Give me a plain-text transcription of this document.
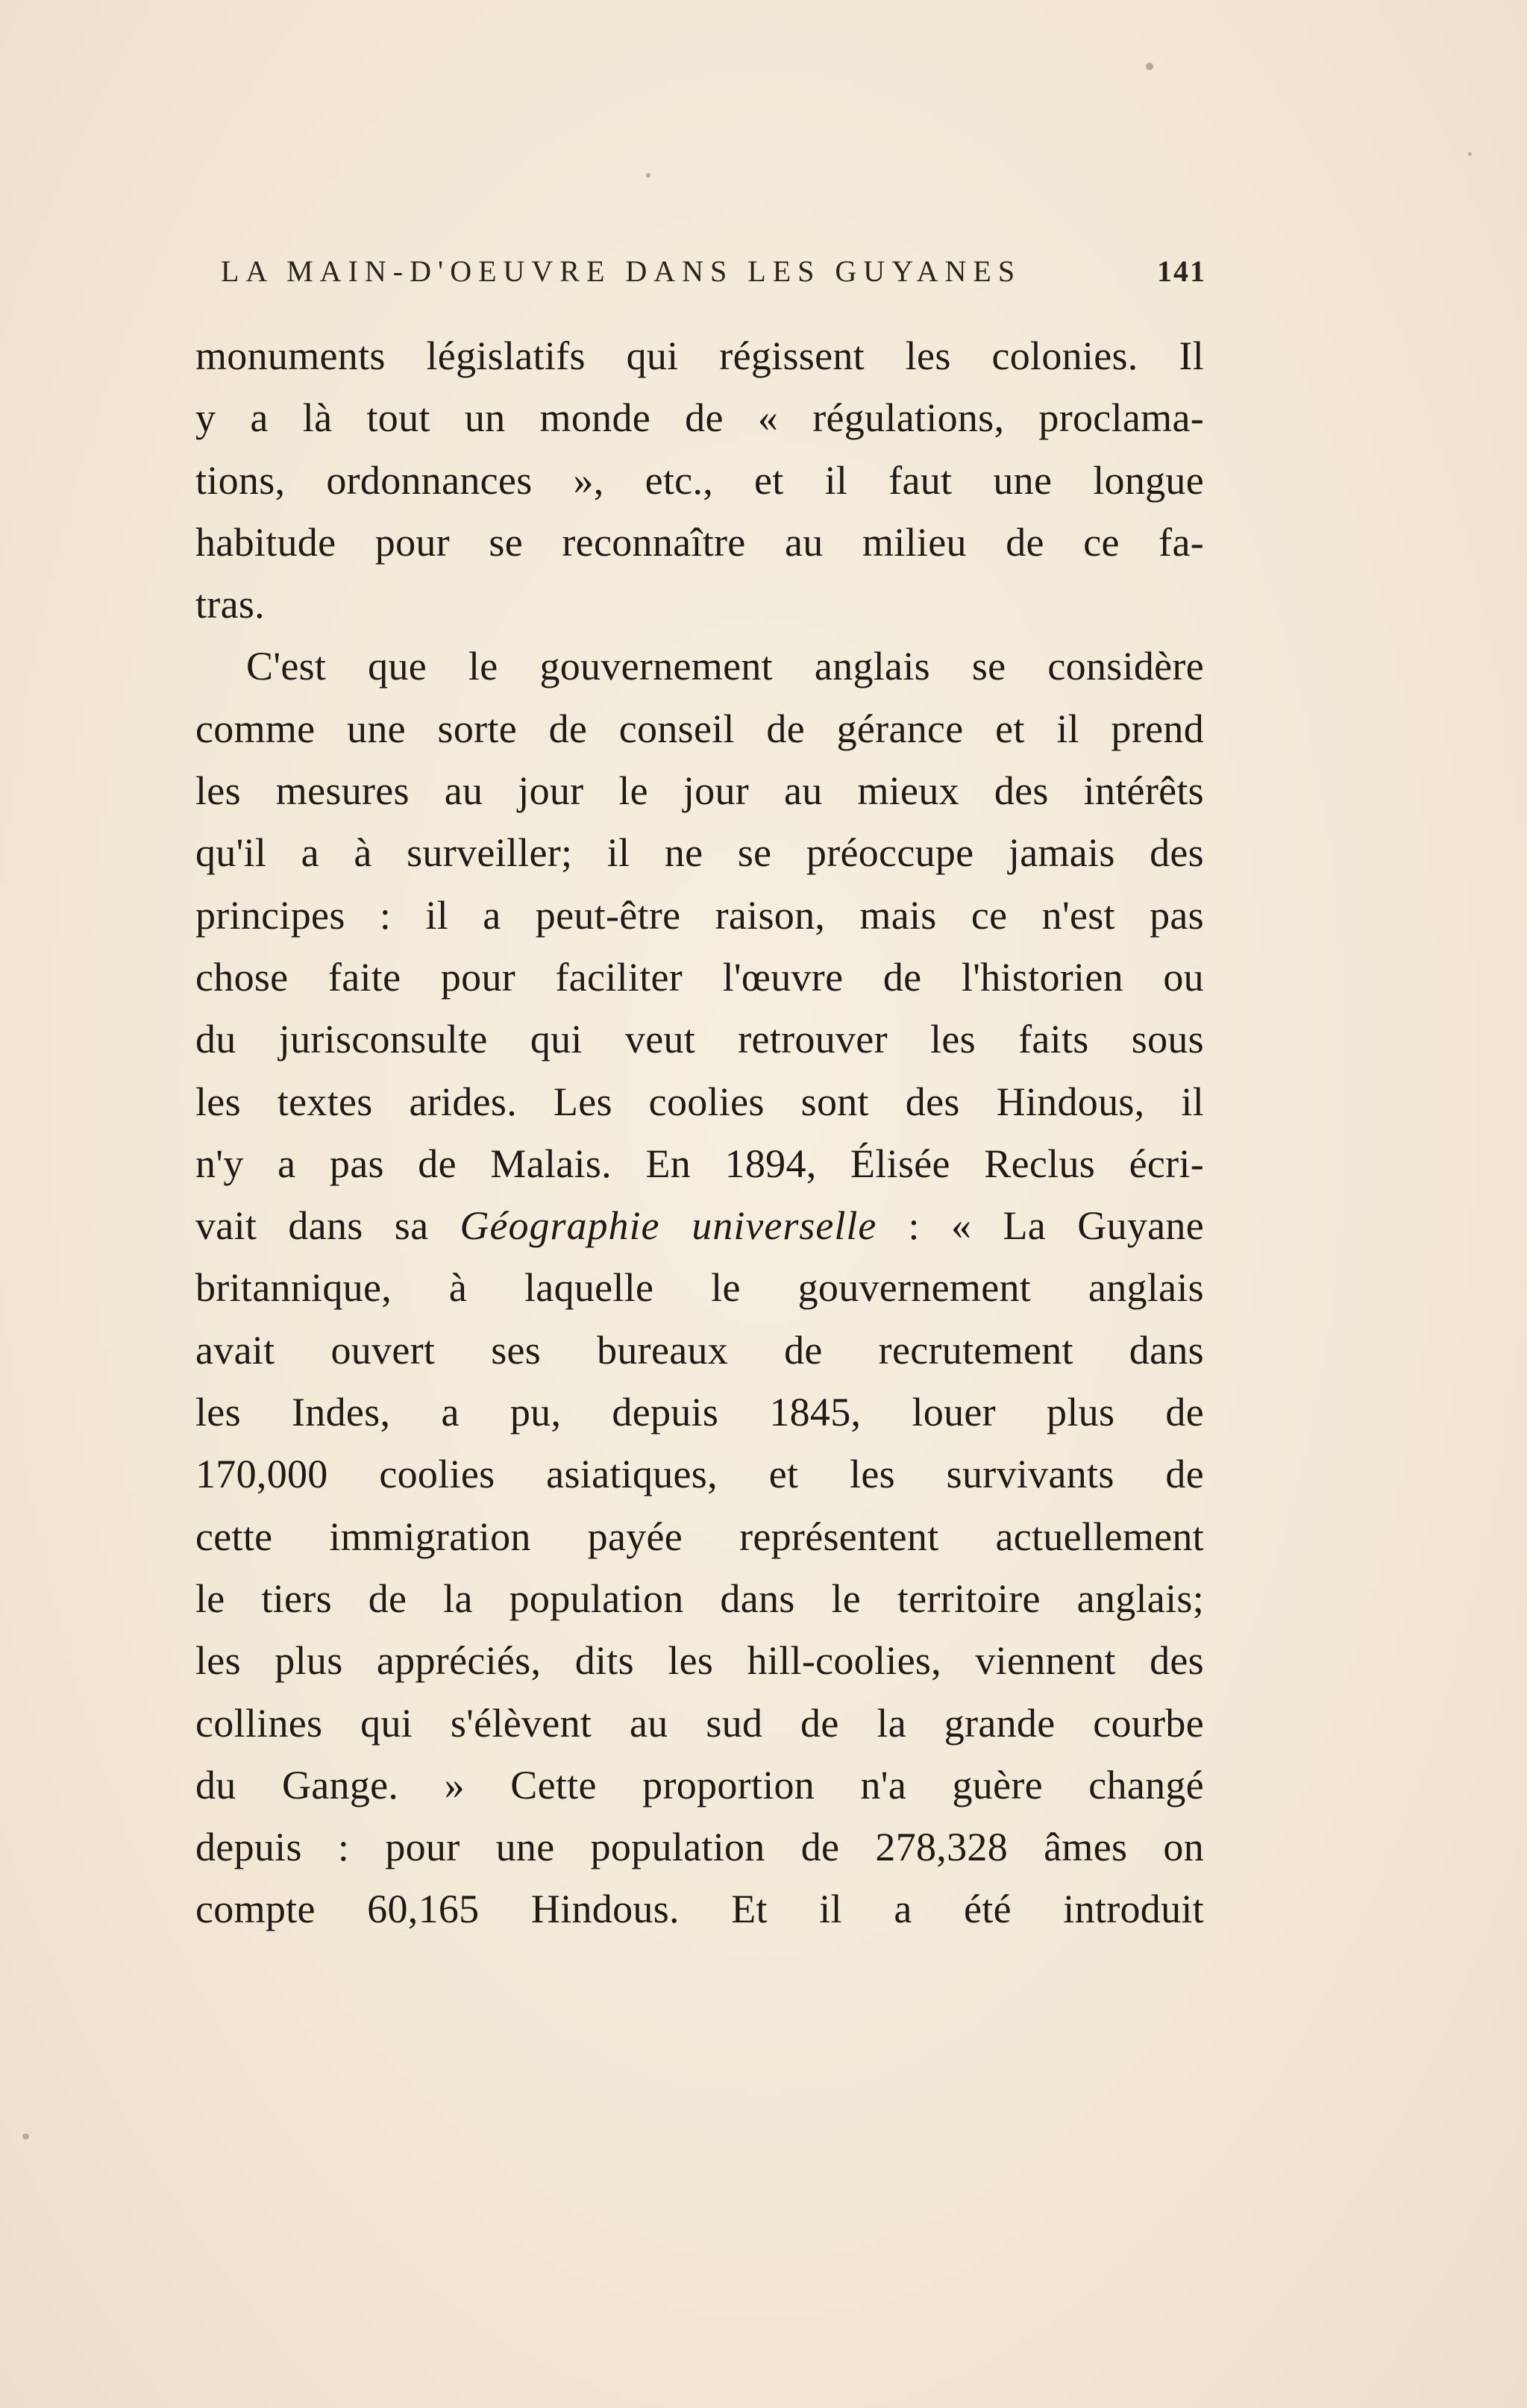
LA MAIN-D'OEUVRE DANS LES GUYANES	141
monuments législatifs qui régissent les colonies. Il
y a là tout un monde de « régulations, proclama-
tions, ordonnances », etc., et il faut une longue
habitude pour se reconnaître au milieu de ce fa-
tras.
C'est que le gouvernement anglais se considère
comme une sorte de conseil de gérance et il prend
les mesures au jour le jour au mieux des intérêts
qu'il a à surveiller; il ne se préoccupe jamais des
principes : il a peut-être raison, mais ce n'est pas
chose faite pour faciliter l'œuvre de l'historien ou
du jurisconsulte qui veut retrouver les faits sous
les textes arides. Les coolies sont des Hindous, il
n'y a pas de Malais. En 1894, Élisée Reclus écri-
vait dans sa Géographie universelle : « La Guyane
britannique, à laquelle le gouvernement anglais
avait ouvert ses bureaux de recrutement dans
les Indes, a pu, depuis 1845, louer plus de
170,000 coolies asiatiques, et les survivants de
cette immigration payée représentent actuellement
le tiers de la population dans le territoire anglais;
les plus appréciés, dits les hill-coolies, viennent des
collines qui s'élèvent au sud de la grande courbe
du Gange. » Cette proportion n'a guère changé
depuis : pour une population de 278,328 âmes on
compte 60,165 Hindous. Et il a été introduit
